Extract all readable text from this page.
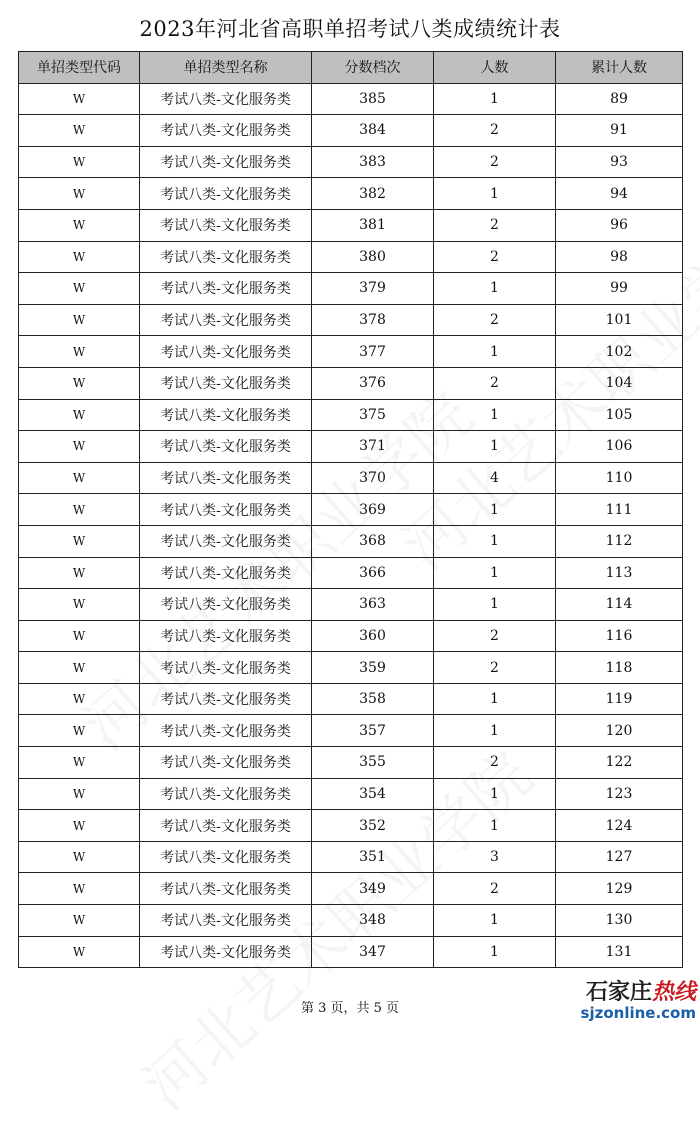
2023年河北省高职单招考试八类成绩统计表
单招类型代码	单招类型名称	分数档次	人数	累计人数
W	考试八类-文化服务类	385	1	89
W	考试八类-文化服务类	384	2	91
W	考试八类-文化服务类	383	2	93
W	考试八类-文化服务类	382	1	94
W	考试八类-文化服务类	381	2	96
W	考试八类-文化服务类	380	2	98
W	考试八类-文化服务类	379	1	99
W	考试八类-文化服务类	378	2	101
W	考试八类-文化服务类	377	1	102
W	考试八类-文化服务类	376	2	104
W	考试八类-文化服务类	375	1	105
W	考试八类-文化服务类	371	1	106
W	考试八类-文化服务类	370	4	110
W	考试八类-文化服务类	369	1	111
W	考试八类-文化服务类	368	1	112
W	考试八类-文化服务类	366	1	113
W	考试八类-文化服务类	363	1	114
W	考试八类-文化服务类	360	2	116
W	考试八类-文化服务类	359	2	118
W	考试八类-文化服务类	358	1	119
W	考试八类-文化服务类	357	1	120
W	考试八类-文化服务类	355	2	122
W	考试八类-文化服务类	354	1	123
W	考试八类-文化服务类	352	1	124
W	考试八类-文化服务类	351	3	127
W	考试八类-文化服务类	349	2	129
W	考试八类-文化服务类	348	1	130
W	考试八类-文化服务类	347	1	131
第 3 页，共 5 页
石家庄热线
sjzonline.com
